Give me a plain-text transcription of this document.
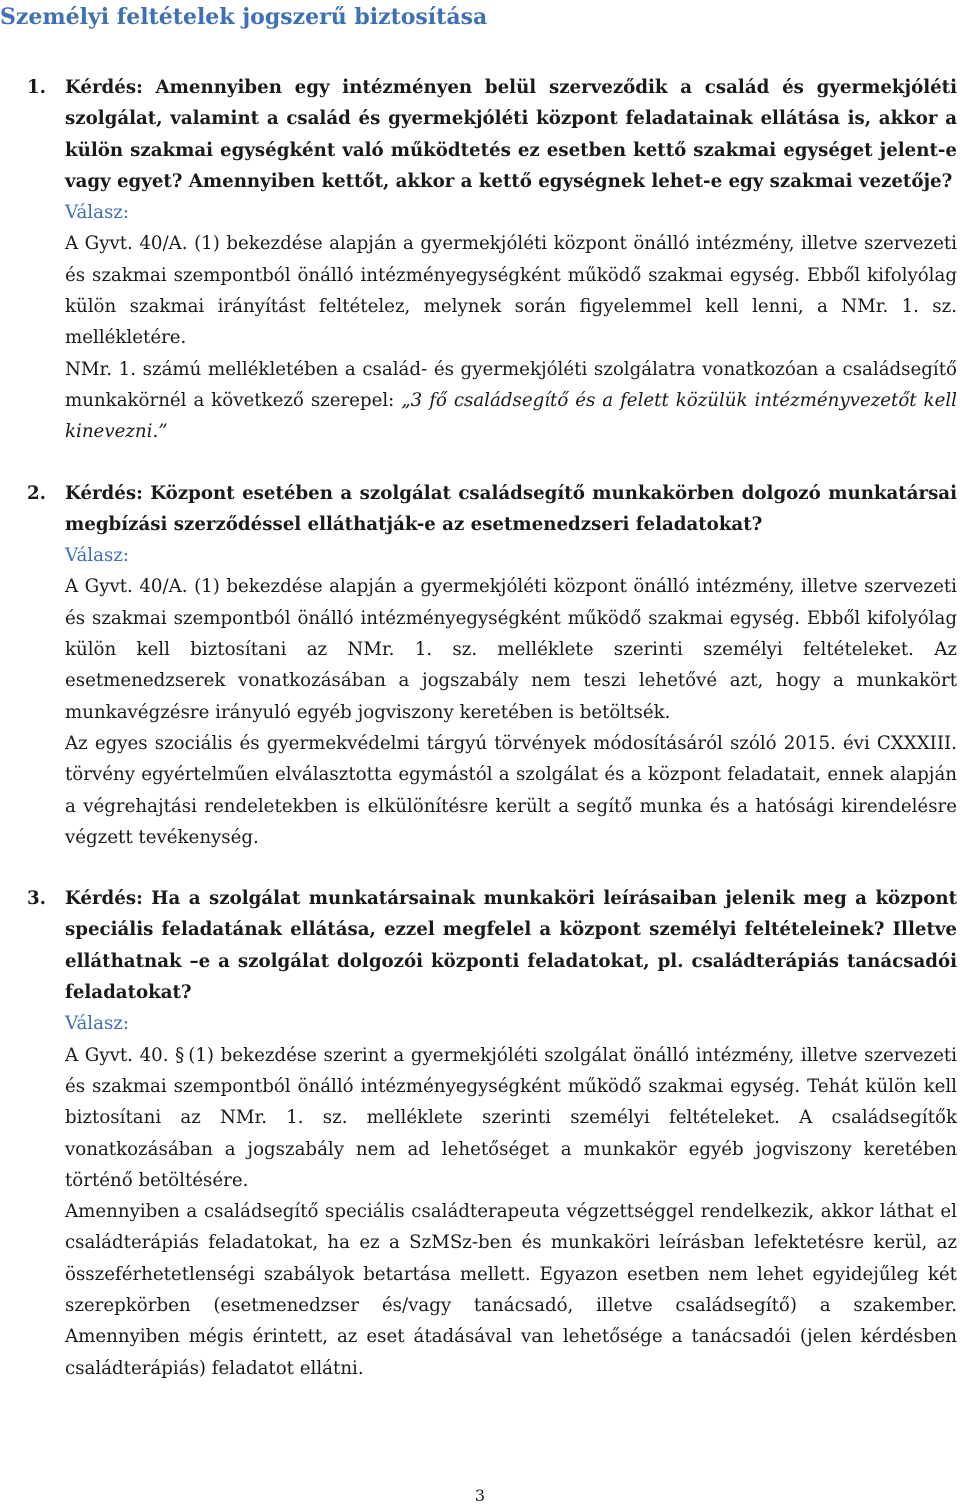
Személyi feltételek jogszerű biztosítása
1. Kérdés: Amennyiben egy intézményen belül szerveződik a család és gyermekjóléti szolgálat, valamint a család és gyermekjóléti központ feladatainak ellátása is, akkor a külön szakmai egységként való működtetés ez esetben kettő szakmai egységet jelent-e vagy egyet? Amennyiben kettőt, akkor a kettő egységnek lehet-e egy szakmai vezetője?
Válasz:

A Gyvt. 40/A. (1) bekezdése alapján a gyermekjóléti központ önálló intézmény, illetve szervezeti és szakmai szempontból önálló intézményegységként működő szakmai egység. Ebből kifolyólag külön szakmai irányítást feltételez, melynek során figyelemmel kell lenni, a NMr. 1. sz. mellékletére.

NMr. 1. számú mellékletében a család- és gyermekjóléti szolgálatra vonatkozóan a családsegítő munkakörnél a következő szerepel: „3 fő családsegítő és a felett közülük intézményvezetőt kell kinevezni.”

2. Kérdés: Központ esetében a szolgálat családsegítő munkakörben dolgozó munkatársai megbízási szerződéssel elláthatják-e az esetmenedzseri feladatokat?
Válasz:

A Gyvt. 40/A. (1) bekezdése alapján a gyermekjóléti központ önálló intézmény, illetve szervezeti és szakmai szempontból önálló intézményegységként működő szakmai egység. Ebből kifolyólag külön kell biztosítani az NMr. 1. sz. melléklete szerinti személyi feltételeket. Az esetmenedzserek vonatkozásában a jogszabály nem teszi lehetővé azt, hogy a munkakört munkavégzésre irányuló egyéb jogviszony keretében is betöltsék.

Az egyes szociális és gyermekvédelmi tárgyú törvények módosításáról szóló 2015. évi CXXXIII. törvény egyértelműen elválasztotta egymástól a szolgálat és a központ feladatait, ennek alapján a végrehajtási rendeletekben is elkülönítésre került a segítő munka és a hatósági kirendelésre végzett tevékenység.

3. Kérdés: Ha a szolgálat munkatársainak munkaköri leírásaiban jelenik meg a központ speciális feladatának ellátása, ezzel megfelel a központ személyi feltételeinek? Illetve elláthatnak –e a szolgálat dolgozói központi feladatokat, pl. családterápiás tanácsadói feladatokat?
Válasz:

A Gyvt. 40. § (1) bekezdése szerint a gyermekjóléti szolgálat önálló intézmény, illetve szervezeti és szakmai szempontból önálló intézményegységként működő szakmai egység. Tehát külön kell biztosítani az NMr. 1. sz. melléklete szerinti személyi feltételeket. A családsegítők vonatkozásában a jogszabály nem ad lehetőséget a munkakör egyéb jogviszony keretében történő betöltésére.

Amennyiben a családsegítő speciális családterapeuta végzettséggel rendelkezik, akkor láthat el családterápiás feladatokat, ha ez a SzMSz-ben és munkaköri leírásban lefektetésre kerül, az összeférhetetlenségi szabályok betartása mellett. Egyazon esetben nem lehet egyidejűleg két szerepkörben (esetmenedzser és/vagy tanácsadó, illetve családsegítő) a szakember. Amennyiben mégis érintett, az eset átadásával van lehetősége a tanácsadói (jelen kérdésben családterápiás) feladatot ellátni.

3
